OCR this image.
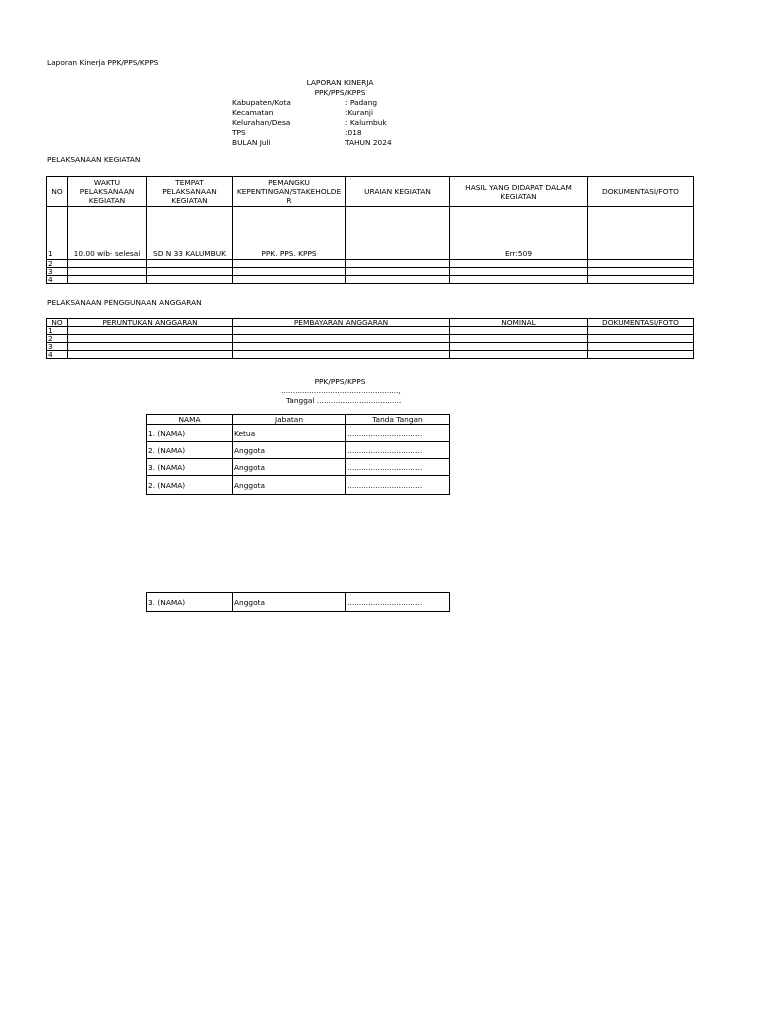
Laporan Kinerja PPK/PPS/KPPS
LAPORAN KINERJA
PPK/PPS/KPPS
Kabupaten/Kota	: Padang
Kecamatan	:Kuranji
Kelurahan/Desa	: Kalumbuk
TPS	:018
BULAN Juli	TAHUN 2024
PELAKSANAAN KEGIATAN
NO	WAKTU PELAKSANAAN KEGIATAN	TEMPAT PELAKSANAAN KEGIATAN	PEMANGKU KEPENTINGAN/STAKEHOLDE R	URAIAN KEGIATAN	HASIL YANG DIDAPAT DALAM KEGIATAN	DOKUMENTASI/FOTO
1	10.00 wib- selesai	SD N 33 KALUMBUK	PPK. PPS. KPPS		Err:509	
2						
3						
4						
PELAKSANAAN PENGGUNAAN ANGGARAN
NO	PERUNTUKAN ANGGARAN	PEMBAYARAN ANGGARAN	NOMINAL	DOKUMENTASI/FOTO
1				
2				
3				
4				
PPK/PPS/KPPS
..................................................,
Tanggal ....................................
NAMA	Jabatan	Tanda Tangan
1. (NAMA)	Ketua	................................
2. (NAMA)	Anggota	................................
3. (NAMA)	Anggota	................................
2. (NAMA)	Anggota	................................
3. (NAMA)	Anggota	................................
